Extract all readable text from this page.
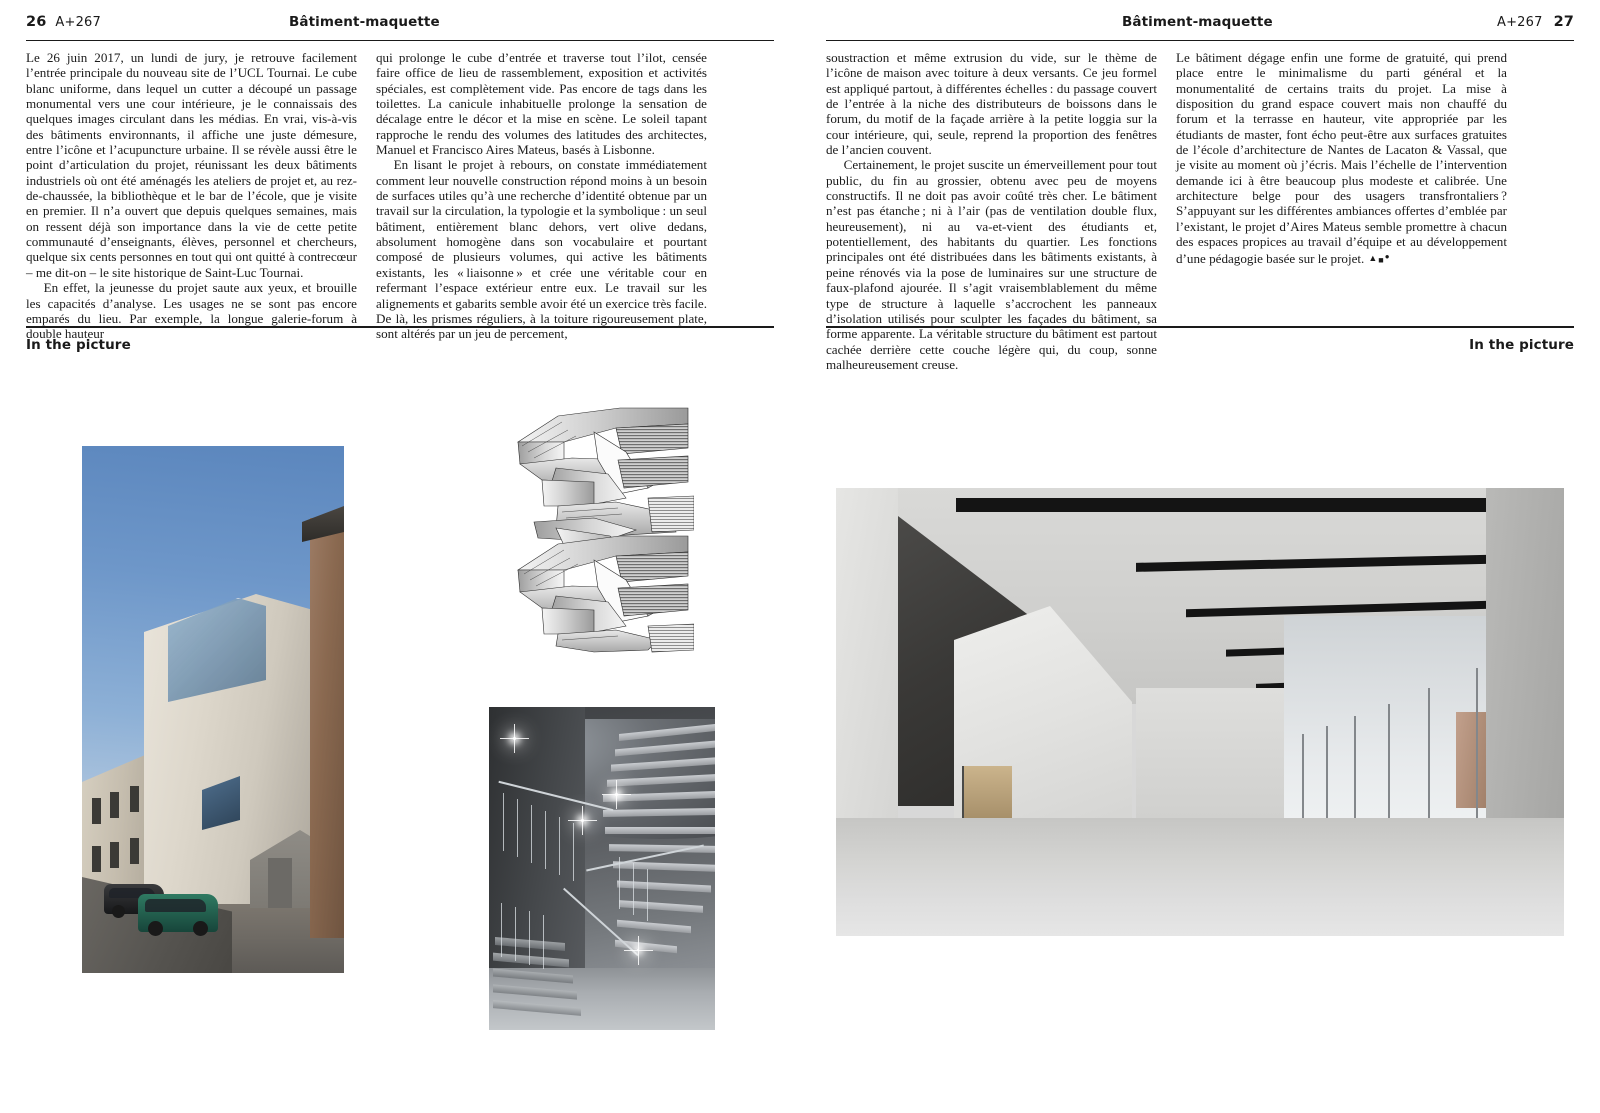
26 A+267	Bâtiment-maquette

Le 26 juin 2017, un lundi de jury, je retrouve facilement l’entrée principale du nouveau site de l’UCL Tournai. Le cube blanc uniforme, dans lequel un cutter a découpé un passage monumental vers une cour intérieure, je le connaissais des quelques images circulant dans les médias. En vrai, vis-à-vis des bâtiments environnants, il affiche une juste démesure, entre l’icône et l’acupuncture urbaine. Il se révèle aussi être le point d’articulation du projet, réunissant les deux bâtiments industriels où ont été aménagés les ateliers de projet et, au rez-de-chaussée, la bibliothèque et le bar de l’école, que je visite en premier. Il n’a ouvert que depuis quelques semaines, mais on ressent déjà son importance dans la vie de cette petite communauté d’enseignants, élèves, personnel et chercheurs, quelque six cents personnes en tout qui ont quitté à contrecœur – me dit-on – le site historique de Saint-Luc Tournai.

En effet, la jeunesse du projet saute aux yeux, et brouille les capacités d’analyse. Les usages ne se sont pas encore emparés du lieu. Par exemple, la longue galerie-forum à double hauteur

qui prolonge le cube d’entrée et traverse tout l’ilot, censée faire office de lieu de rassemblement, exposition et activités spéciales, est complètement vide. Pas encore de tags dans les toilettes. La canicule inhabituelle prolonge la sensation de décalage entre le décor et la mise en scène. Le soleil tapant rapproche le rendu des volumes des latitudes des architectes, Manuel et Francisco Aires Mateus, basés à Lisbonne.

En lisant le projet à rebours, on constate immédiatement comment leur nouvelle construction répond moins à un besoin de surfaces utiles qu’à une recherche d’identité obtenue par un travail sur la circulation, la typologie et la symbolique : un seul bâtiment, entièrement blanc dehors, vert olive dedans, absolument homogène dans son vocabulaire et pourtant composé de plusieurs volumes, qui active les bâtiments existants, les « liaisonne » et crée une véritable cour en refermant l’espace extérieur entre eux. Le travail sur les alignements et gabarits semble avoir été un exercice très facile. De là, les prismes réguliers, à la toiture rigoureusement plate, sont altérés par un jeu de percement,

In the picture
Bâtiment-maquette	A+267 27

soustraction et même extrusion du vide, sur le thème de l’icône de maison avec toiture à deux versants. Ce jeu formel est appliqué partout, à différentes échelles : du passage couvert de l’entrée à la niche des distributeurs de boissons dans le forum, du motif de la façade arrière à la petite loggia sur la cour intérieure, qui, seule, reprend la proportion des fenêtres de l’ancien couvent.

Certainement, le projet suscite un émerveillement pour tout public, du fin au grossier, obtenu avec peu de moyens constructifs. Il ne doit pas avoir coûté très cher. Le bâtiment n’est pas étanche ; ni à l’air (pas de ventilation double flux, heureusement), ni au va-et-vient des étudiants et, potentiellement, des habitants du quartier. Les fonctions principales ont été distribuées dans les bâtiments existants, à peine rénovés via la pose de luminaires sur une structure de faux-plafond ajourée. Il s’agit vraisemblablement du même type de structure à laquelle s’accrochent les panneaux d’isolation utilisés pour sculpter les façades du bâtiment, sa forme apparente. La véritable structure du bâtiment est partout cachée derrière cette couche légère qui, du coup, sonne malheureusement creuse.

Le bâtiment dégage enfin une forme de gratuité, qui prend place entre le minimalisme du parti général et la monumentalité de certains traits du projet. La mise à disposition du grand espace couvert mais non chauffé du forum et la terrasse en hauteur, vite appropriée par les étudiants de master, font écho peut-être aux surfaces gratuites de l’école d’architecture de Nantes de Lacaton & Vassal, que je visite au moment où j’écris. Mais l’échelle de l’intervention demande ici à être beaucoup plus modeste et calibrée. Une architecture belge pour des usagers transfrontaliers ? S’appuyant sur les différentes ambiances offertes d’emblée par l’existant, le projet d’Aires Mateus semble promettre à chacun des espaces propices au travail d’équipe et au développement d’une pédagogie basée sur le projet. ▲■●

In the picture
